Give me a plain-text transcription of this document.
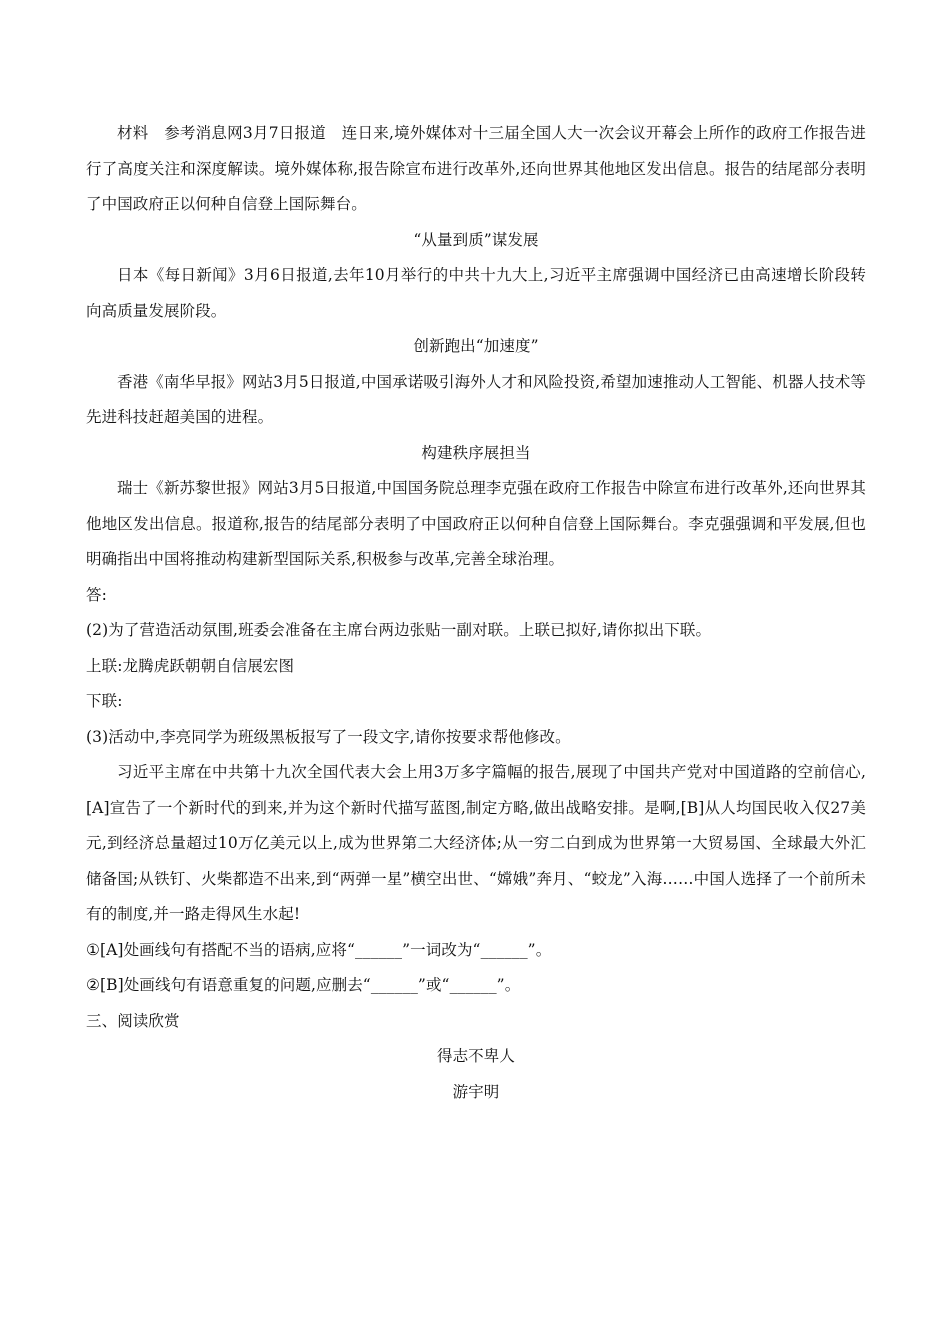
材料　参考消息网3月7日报道　连日来,境外媒体对十三届全国人大一次会议开幕会上所作的政府工作报告进行了高度关注和深度解读。境外媒体称,报告除宣布进行改革外,还向世界其他地区发出信息。报告的结尾部分表明了中国政府正以何种自信登上国际舞台。

“从量到质”谋发展

日本《每日新闻》3月6日报道,去年10月举行的中共十九大上,习近平主席强调中国经济已由高速增长阶段转向高质量发展阶段。

创新跑出“加速度”

香港《南华早报》网站3月5日报道,中国承诺吸引海外人才和风险投资,希望加速推动人工智能、机器人技术等先进科技赶超美国的进程。

构建秩序展担当

瑞士《新苏黎世报》网站3月5日报道,中国国务院总理李克强在政府工作报告中除宣布进行改革外,还向世界其他地区发出信息。报道称,报告的结尾部分表明了中国政府正以何种自信登上国际舞台。李克强强调和平发展,但也明确指出中国将推动构建新型国际关系,积极参与改革,完善全球治理。

答:

(2)为了营造活动氛围,班委会准备在主席台两边张贴一副对联。上联已拟好,请你拟出下联。

上联:龙腾虎跃朝朝自信展宏图

下联:

(3)活动中,李亮同学为班级黑板报写了一段文字,请你按要求帮他修改。

习近平主席在中共第十九次全国代表大会上用3万多字篇幅的报告,展现了中国共产党对中国道路的空前信心,[A]宣告了一个新时代的到来,并为这个新时代描写蓝图,制定方略,做出战略安排。是啊,[B]从人均国民收入仅27美元,到经济总量超过10万亿美元以上,成为世界第二大经济体;从一穷二白到成为世界第一大贸易国、全球最大外汇储备国;从铁钉、火柴都造不出来,到“两弹一星”横空出世、“嫦娥”奔月、“蛟龙”入海……中国人选择了一个前所未有的制度,并一路走得风生水起!

①[A]处画线句有搭配不当的语病,应将“______”一词改为“______”。

②[B]处画线句有语意重复的问题,应删去“______”或“______”。

三、阅读欣赏

得志不卑人

游宇明
